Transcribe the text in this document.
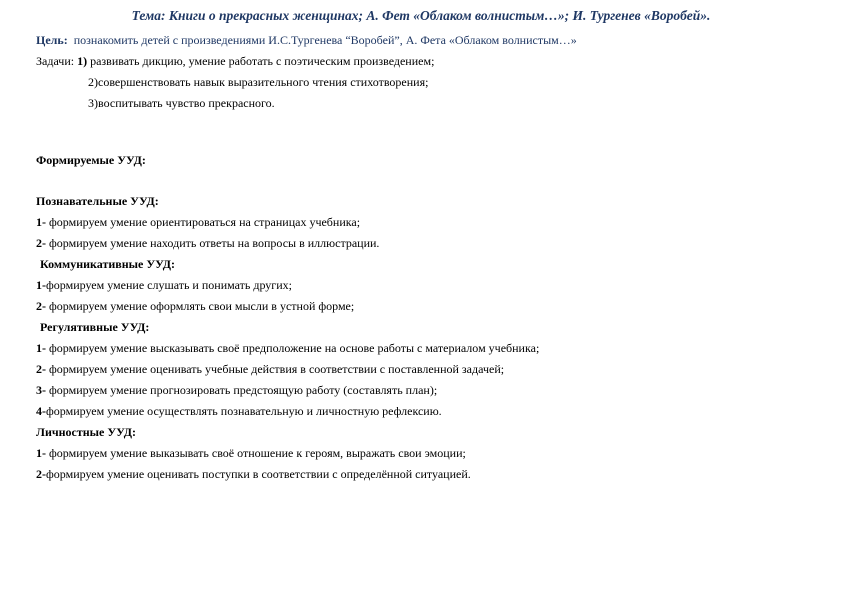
Тема: Книги о прекрасных женщинах; А. Фет «Облаком волнистым…»; И. Тургенев «Воробей».
Цель: познакомить детей с произведениями И.С.Тургенева “Воробей”, А. Фета «Облаком волнистым…»
Задачи: 1) развивать дикцию, умение работать с поэтическим произведением;
2)совершенствовать навык выразительного чтения стихотворения;
3)воспитывать чувство прекрасного.
Формируемые УУД:
Познавательные УУД:
1- формируем умение ориентироваться на страницах учебника;
2- формируем умение находить ответы на вопросы в иллюстрации.
Коммуникативные УУД:
1-формируем умение слушать и понимать других;
2- формируем умение оформлять свои мысли в устной форме;
Регулятивные УУД:
1- формируем умение высказывать своё предположение на основе работы с материалом учебника;
2- формируем умение оценивать учебные действия в соответствии с поставленной задачей;
3- формируем умение прогнозировать предстоящую работу (составлять план);
4-формируем умение осуществлять познавательную и личностную рефлексию.
Личностные УУД:
1- формируем умение выказывать своё отношение к героям, выражать свои эмоции;
2-формируем умение оценивать поступки в соответствии с определённой ситуацией.
